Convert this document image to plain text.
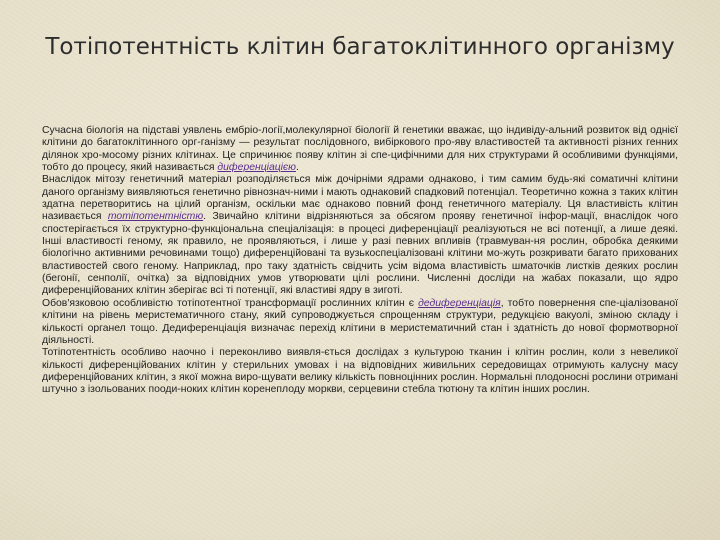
Тотіпотентність клітин багатоклітинного організму

Сучасна біологія на підставі уявлень ембріо-логії,молекулярної біології й генетики вважає, що індивіду-альний розвиток від однієї клітини до багатоклітинного орг-ганізму — результат послідовного, вибіркового про-яву властивостей та активності різних генних ділянок хро-мосому різних клітинах. Це спричинює появу клітин зі спе-цифічними для них структурами й особливими функціями, тобто до процесу, який називається диференціацією.

Внаслідок мітозу генетичний матеріал розподіляється між дочірніми ядрами однаково, і тим самим будь-які соматичні клітини даного організму виявляються генетично рівнознач-ними і мають однаковий спадковий потенціал. Теоретично кожна з таких клітин здатна перетворитись на цілий організм, оскільки має однаково повний фонд генетичного матеріалу. Ця властивість клітин називається тотіпотентністю. Звичайно клітини відрізняються за обсягом прояву генетичної інфор-мації, внаслідок чого спостерігається їх структурно-функціональна спеціалізація: в процесі диференціації реалізуються не всі потенції, а лише деякі. Інші властивості геному, як правило, не проявляються, і лише у разі певних впливів (травмуван-ня рослин, обробка деякими біологічно активними речовинами тощо) диференційовані та вузькоспеціалізовані клітини мо-жуть розкривати багато прихованих властивостей свого геному. Наприклад, про таку здатність свідчить усім відома властивість шматочків листків деяких рослин (бегонії, сенполії, очітка) за відповідних умов утворювати цілі рослини. Численні досліди на жабах показали, що ядро диференційованих клітин зберігає всі ті потенції, які властиві ядру в зиготі.

Обов'язковою особливістю тотіпотентної трансформації рослинних клітин є дедиференціація, тобто повернення спе-ціалізованої клітини на рівень меристематичного стану, який супроводжується спрощенням структури, редукцією вакуолі, зміною складу і кількості органел тощо. Дедиференціація визначає перехід клітини в меристематичний стан і здатність до нової формотворної діяльності.

Тотіпотентність особливо наочно і переконливо виявля-ється дослідах з культурою тканин і клітин рослин, коли з невеликої кількості диференційованих клітин у стерильних умовах і на відповідних живильних середовищах отримують калусну масу диференційованих клітин, з якої можна виро-щувати велику кількість повноцінних рослин. Нормальні плодоносні рослини отримані штучно з ізольованих пооди-ноких клітин коренеплоду моркви, серцевини стебла тютюну та клітин інших рослин.
